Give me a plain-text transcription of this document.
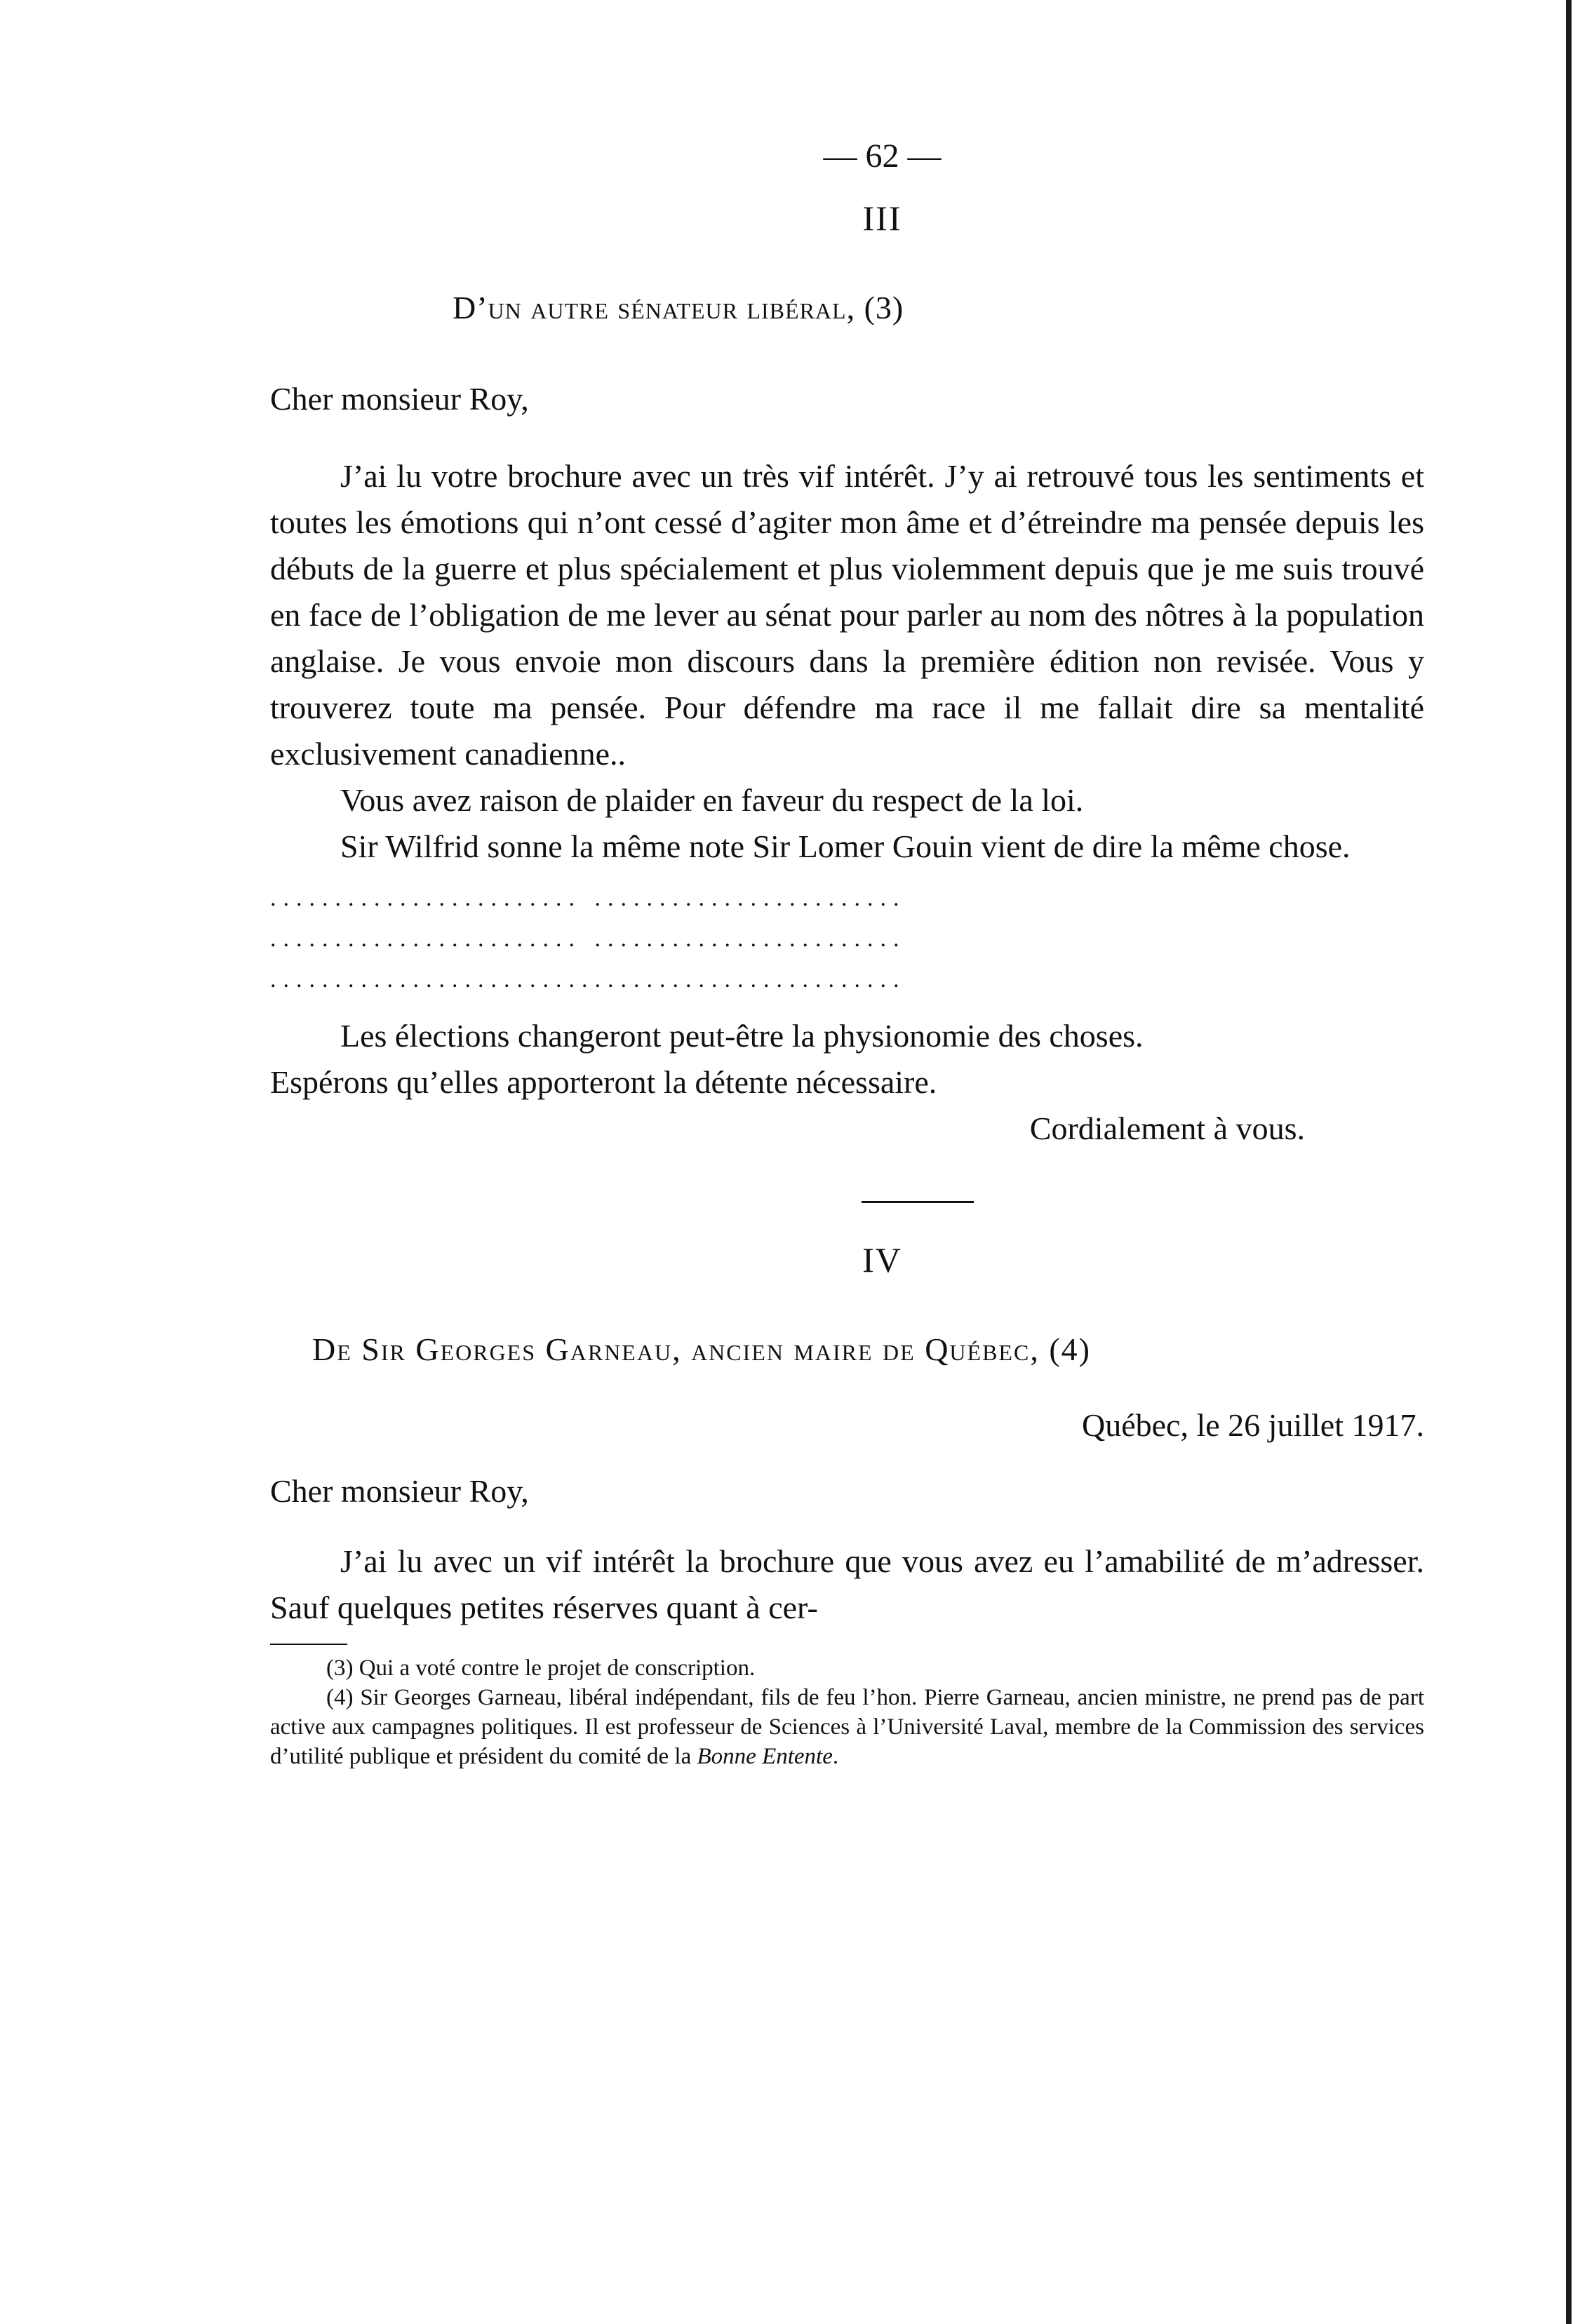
— 62 —
III
D’un autre sénateur libéral, (3)
Cher monsieur Roy,

J’ai lu votre brochure avec un très vif intérêt. J’y ai retrouvé tous les sentiments et toutes les émotions qui n’ont cessé d’agiter mon âme et d’étreindre ma pensée depuis les débuts de la guerre et plus spécialement et plus violemment depuis que je me suis trouvé en face de l’obligation de me lever au sénat pour parler au nom des nôtres à la population anglaise. Je vous envoie mon discours dans la première édition non revisée. Vous y trouverez toute ma pensée. Pour défendre ma race il me fallait dire sa mentalité exclusivement canadienne..

Vous avez raison de plaider en faveur du respect de la loi.

Sir Wilfrid sonne la même note Sir Lomer Gouin vient de dire la même chose.

........................ ........................
........................ ........................
.................................................

Les élections changeront peut-être la physionomie des choses.

Espérons qu’elles apporteront la détente nécessaire.

Cordialement à vous.
IV
De Sir Georges Garneau, ancien maire de Québec, (4)
Québec, le 26 juillet 1917.
Cher monsieur Roy,

J’ai lu avec un vif intérêt la brochure que vous avez eu l’amabilité de m’adresser. Sauf quelques petites réserves quant à cer-

(3) Qui a voté contre le projet de conscription.
(4) Sir Georges Garneau, libéral indépendant, fils de feu l’hon. Pierre Garneau, ancien ministre, ne prend pas de part active aux campagnes politiques. Il est professeur de Sciences à l’Université Laval, membre de la Commission des services d’utilité publique et président du comité de la Bonne Entente.
